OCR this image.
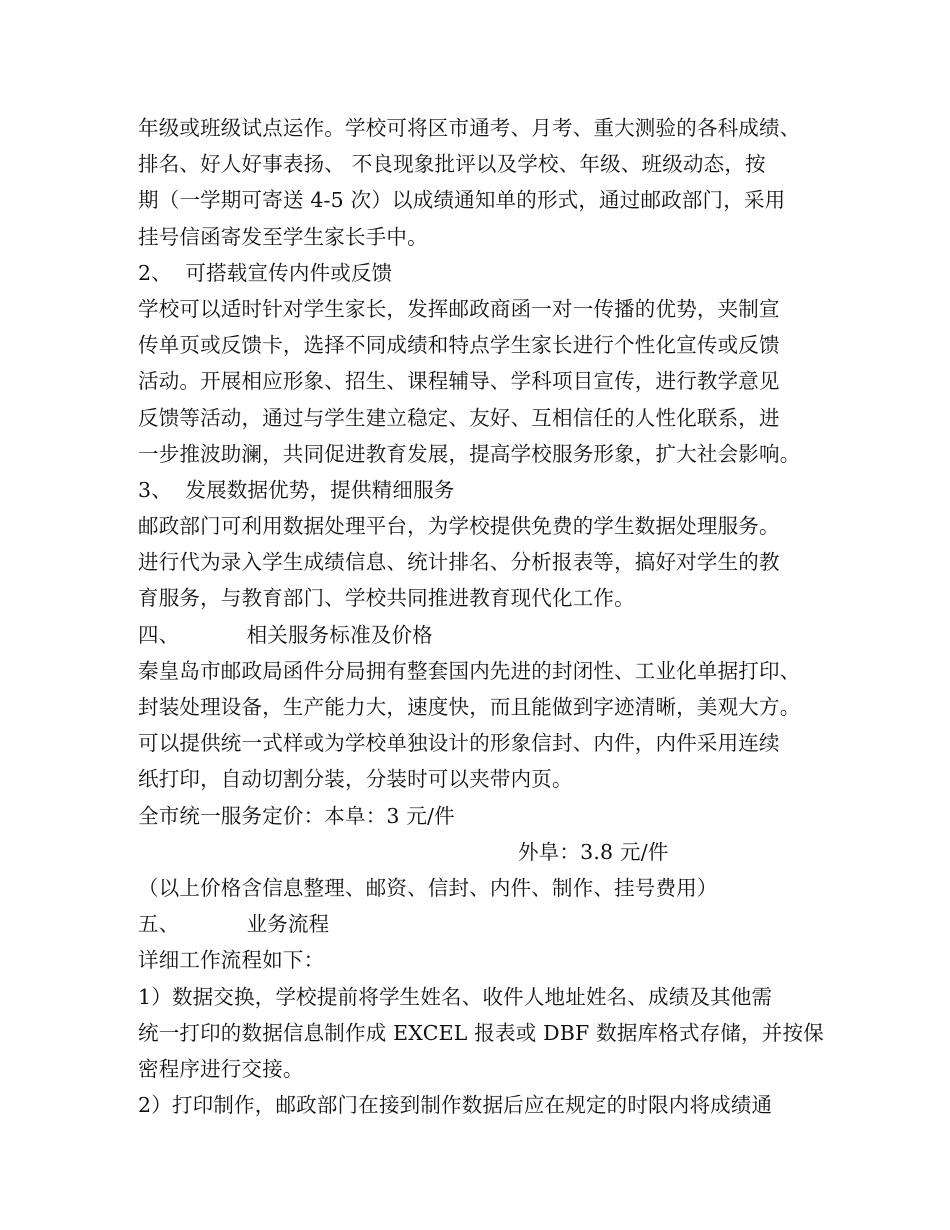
年级或班级试点运作。学校可将区市通考、月考、重大测验的各科成绩、
排名、好人好事表扬、 不良现象批评以及学校、年级、班级动态，按
期（一学期可寄送 4-5 次）以成绩通知单的形式，通过邮政部门，采用
挂号信函寄发至学生家长手中。
2、  可搭载宣传内件或反馈
学校可以适时针对学生家长，发挥邮政商函一对一传播的优势，夹制宣
传单页或反馈卡，选择不同成绩和特点学生家长进行个性化宣传或反馈
活动。开展相应形象、招生、课程辅导、学科项目宣传，进行教学意见
反馈等活动，通过与学生建立稳定、友好、互相信任的人性化联系，进
一步推波助澜，共同促进教育发展，提高学校服务形象，扩大社会影响。
3、  发展数据优势，提供精细服务
邮政部门可利用数据处理平台，为学校提供免费的学生数据处理服务。
进行代为录入学生成绩信息、统计排名、分析报表等，搞好对学生的教
育服务，与教育部门、学校共同推进教育现代化工作。
四、          相关服务标准及价格
秦皇岛市邮政局函件分局拥有整套国内先进的封闭性、工业化单据打印、
封装处理设备，生产能力大，速度快，而且能做到字迹清晰，美观大方。
可以提供统一式样或为学校单独设计的形象信封、内件，内件采用连续
纸打印，自动切割分装，分装时可以夹带内页。
全市统一服务定价：本阜：3 元/件
外阜：3.8 元/件
（以上价格含信息整理、邮资、信封、内件、制作、挂号费用）
五、          业务流程
详细工作流程如下：
1）数据交换，学校提前将学生姓名、收件人地址姓名、成绩及其他需
统一打印的数据信息制作成 EXCEL 报表或 DBF 数据库格式存储，并按保
密程序进行交接。
2）打印制作，邮政部门在接到制作数据后应在规定的时限内将成绩通
